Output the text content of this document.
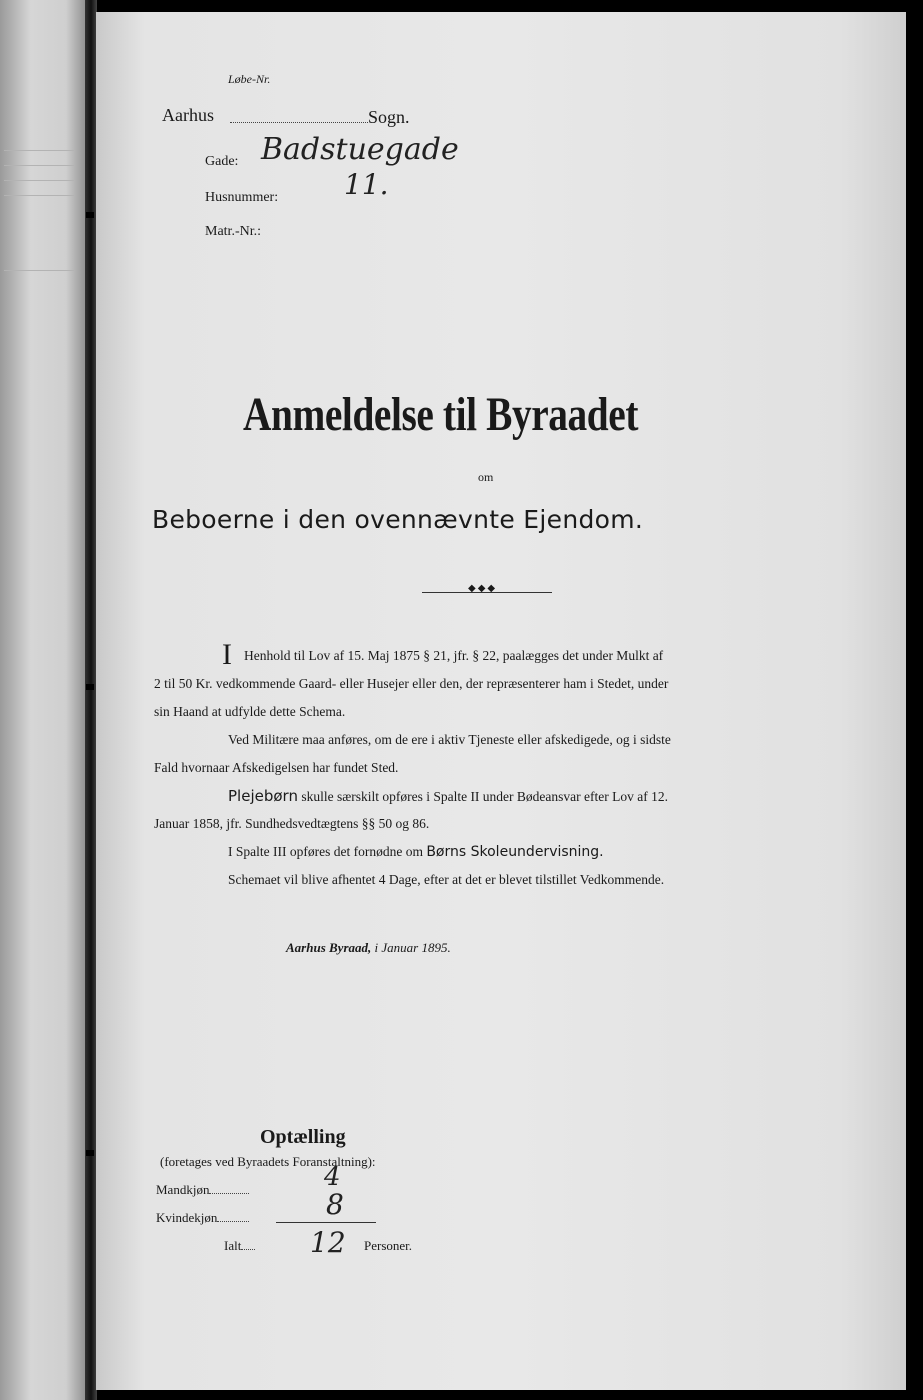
Løbe-Nr.
Aarhus	Sogn.
Gade: Badstuegade
Husnummer: 11.
Matr.-Nr.:
Anmeldelse til Byraadet
om
Beboerne i den ovennævnte Ejendom.
◆◆◆
I Henhold til Lov af 15. Maj 1875 § 21, jfr. § 22, paalægges det under Mulkt af
2 til 50 Kr. vedkommende Gaard- eller Husejer eller den, der repræsenterer ham i Stedet, under
sin Haand at udfylde dette Schema.
Ved Militære maa anføres, om de ere i aktiv Tjeneste eller afskedigede, og i sidste
Fald hvornaar Afskedigelsen har fundet Sted.
Plejebørn skulle særskilt opføres i Spalte II under Bødeansvar efter Lov af 12.
Januar 1858, jfr. Sundhedsvedtægtens §§ 50 og 86.
I Spalte III opføres det fornødne om Børns Skoleundervisning.
Schemaet vil blive afhentet 4 Dage, efter at det er blevet tilstillet Vedkommende.
Aarhus Byraad, i Januar 1895.
Optælling
(foretages ved Byraadets Foranstaltning):
Mandkjøn	4
Kvindekjøn	8
Ialt	12 Personer.
